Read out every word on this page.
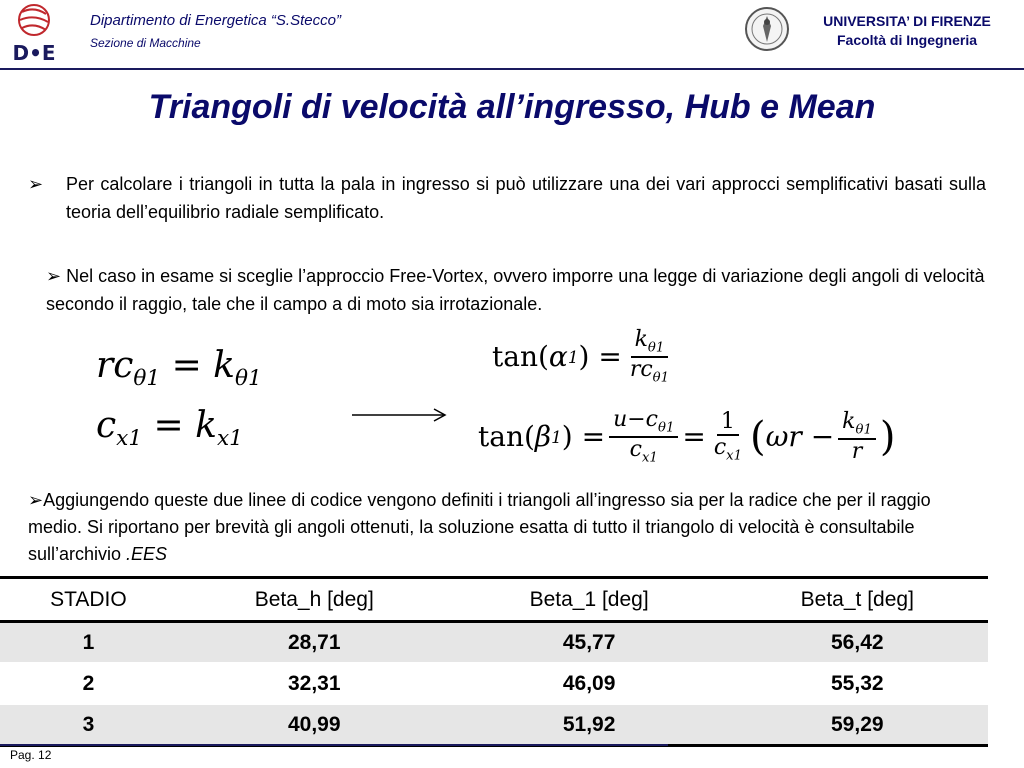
D•E
Dipartimento di Energetica “S.Stecco”
Sezione di Macchine
UNIVERSITA’ DI FIRENZE
Facoltà di Ingegneria
Triangoli di velocità all’ingresso, Hub e Mean
➢	Per calcolare i triangoli in tutta la pala in ingresso si può utilizzare una dei vari approcci semplificativi basati sulla teoria dell’equilibrio radiale semplificato.
➢ Nel caso in esame si sceglie l’approccio Free-Vortex, ovvero imporre una legge di variazione degli angoli di velocità secondo il raggio, tale che il campo a di moto sia irrotazionale.
$rc_{\theta 1} = k_{\theta 1}$
$c_{x1} = k_{x1}$
tan( α 1 ) = $\frac{k_{\theta 1}}{rc_{\theta 1}}$
tan( β 1 ) = $\frac{u-c_{\theta 1}}{c_{x1}} = \frac{1}{c_{x1}}$ ( $\omega r - \frac{k_{\theta 1}}{r}$ )
➢Aggiungendo queste due linee di codice vengono definiti i triangoli all’ingresso sia per la radice che per il raggio medio. Si riportano per brevità gli angoli ottenuti, la soluzione esatta di tutto il triangolo di velocità è consultabile sull’archivio .EES
STADIO	Beta_h [deg]	Beta_1 [deg]	Beta_t [deg]
1	28,71	45,77	56,42
2	32,31	46,09	55,32
3	40,99	51,92	59,29
Pag. 12
